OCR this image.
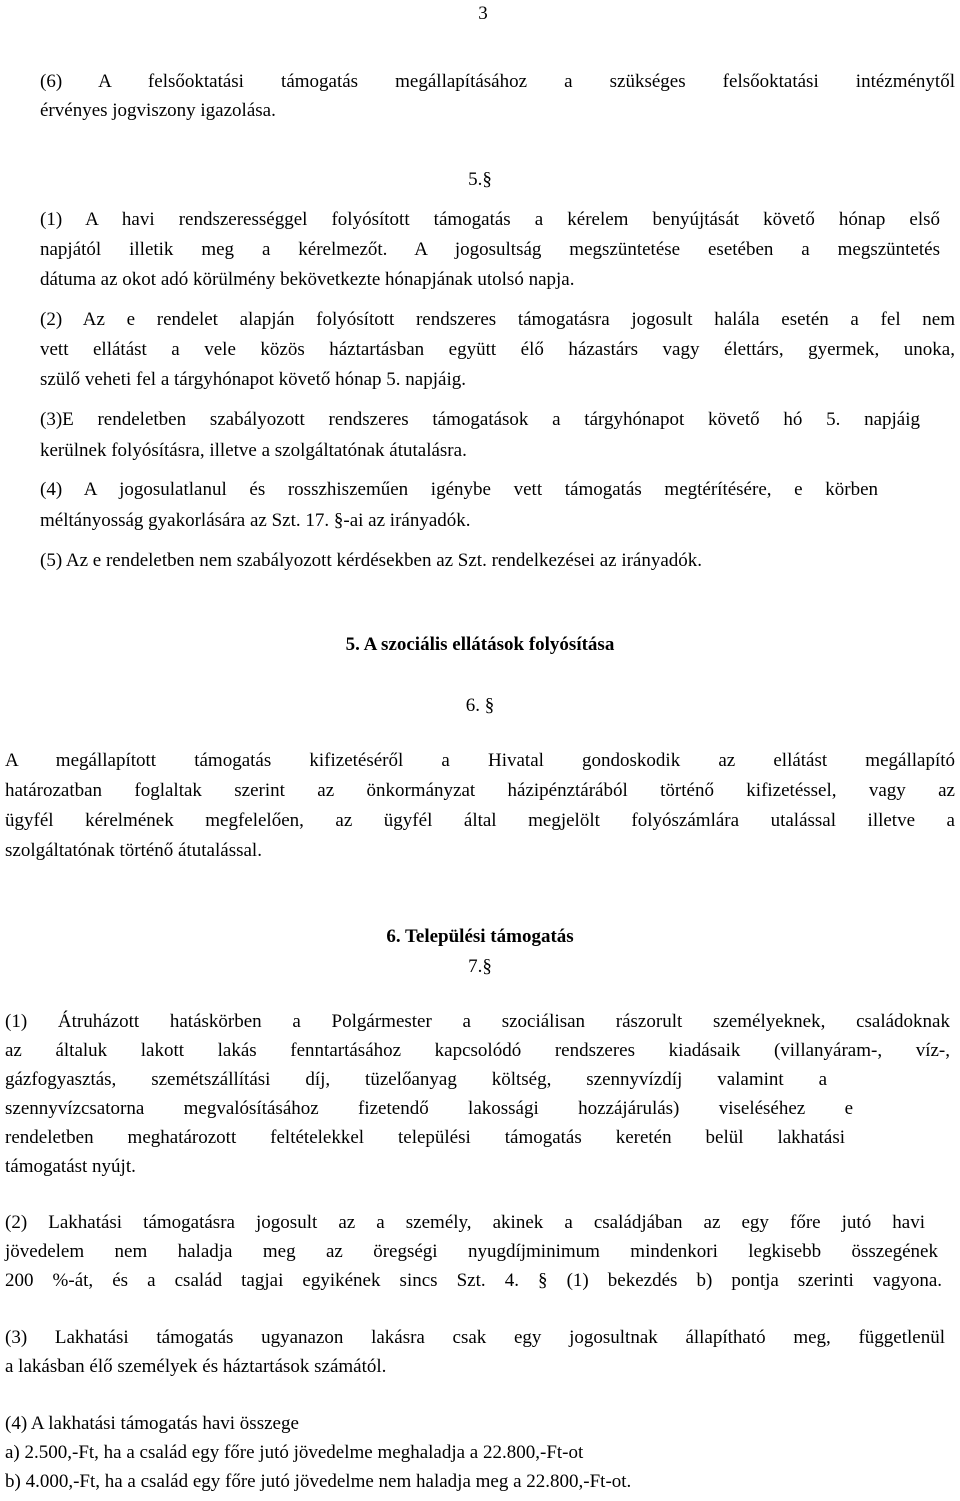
3
(6) A felsőoktatási támogatás megállapításához a szükséges felsőoktatási intézménytől
érvényes jogviszony igazolása.
5.§
(1) A havi rendszerességgel folyósított támogatás a kérelem benyújtását követő hónap első
napjától illetik meg a kérelmezőt. A jogosultság megszüntetése esetében a megszüntetés
dátuma az okot adó körülmény bekövetkezte hónapjának utolsó napja.
(2) Az e rendelet alapján folyósított rendszeres támogatásra jogosult halála esetén a fel nem
vett ellátást a vele közös háztartásban együtt élő házastárs vagy élettárs, gyermek, unoka,
szülő veheti fel a tárgyhónapot követő hónap 5. napjáig.
(3)E rendeletben szabályozott rendszeres támogatások a tárgyhónapot követő hó 5. napjáig
kerülnek folyósításra, illetve a szolgáltatónak átutalásra.
(4) A jogosulatlanul és rosszhiszeműen igénybe vett támogatás megtérítésére, e körben
méltányosság gyakorlására az Szt. 17. §-ai az irányadók.
(5) Az e rendeletben nem szabályozott kérdésekben az Szt. rendelkezései az irányadók.
5. A szociális ellátások folyósítása
6. §
A megállapított támogatás kifizetéséről a Hivatal gondoskodik az ellátást megállapító
határozatban foglaltak szerint az önkormányzat házipénztárából történő kifizetéssel, vagy az
ügyfél kérelmének megfelelően, az ügyfél által megjelölt folyószámlára utalással illetve a
szolgáltatónak történő átutalással.
6. Települési támogatás
7.§
(1) Átruházott hatáskörben a Polgármester a szociálisan rászorult személyeknek, családoknak
az általuk lakott lakás fenntartásához kapcsolódó rendszeres kiadásaik (villanyáram-, víz-,
gázfogyasztás, szemétszállítási díj, tüzelőanyag költség, szennyvízdíj valamint a
szennyvízcsatorna megvalósításához fizetendő lakossági hozzájárulás) viseléséhez e
rendeletben meghatározott feltételekkel települési támogatás keretén belül lakhatási
támogatást nyújt.
(2) Lakhatási támogatásra jogosult az a személy, akinek a családjában az egy főre jutó havi
jövedelem nem haladja meg az öregségi nyugdíjminimum mindenkori legkisebb összegének
200 %-át, és a család tagjai egyikének sincs Szt. 4. § (1) bekezdés b) pontja szerinti vagyona.
(3) Lakhatási támogatás ugyanazon lakásra csak egy jogosultnak állapítható meg, függetlenül
a lakásban élő személyek és háztartások számától.
(4) A lakhatási támogatás havi összege
a) 2.500,-Ft, ha a család egy főre jutó jövedelme meghaladja a 22.800,-Ft-ot
b) 4.000,-Ft, ha a család egy főre jutó jövedelme nem haladja meg a 22.800,-Ft-ot.
